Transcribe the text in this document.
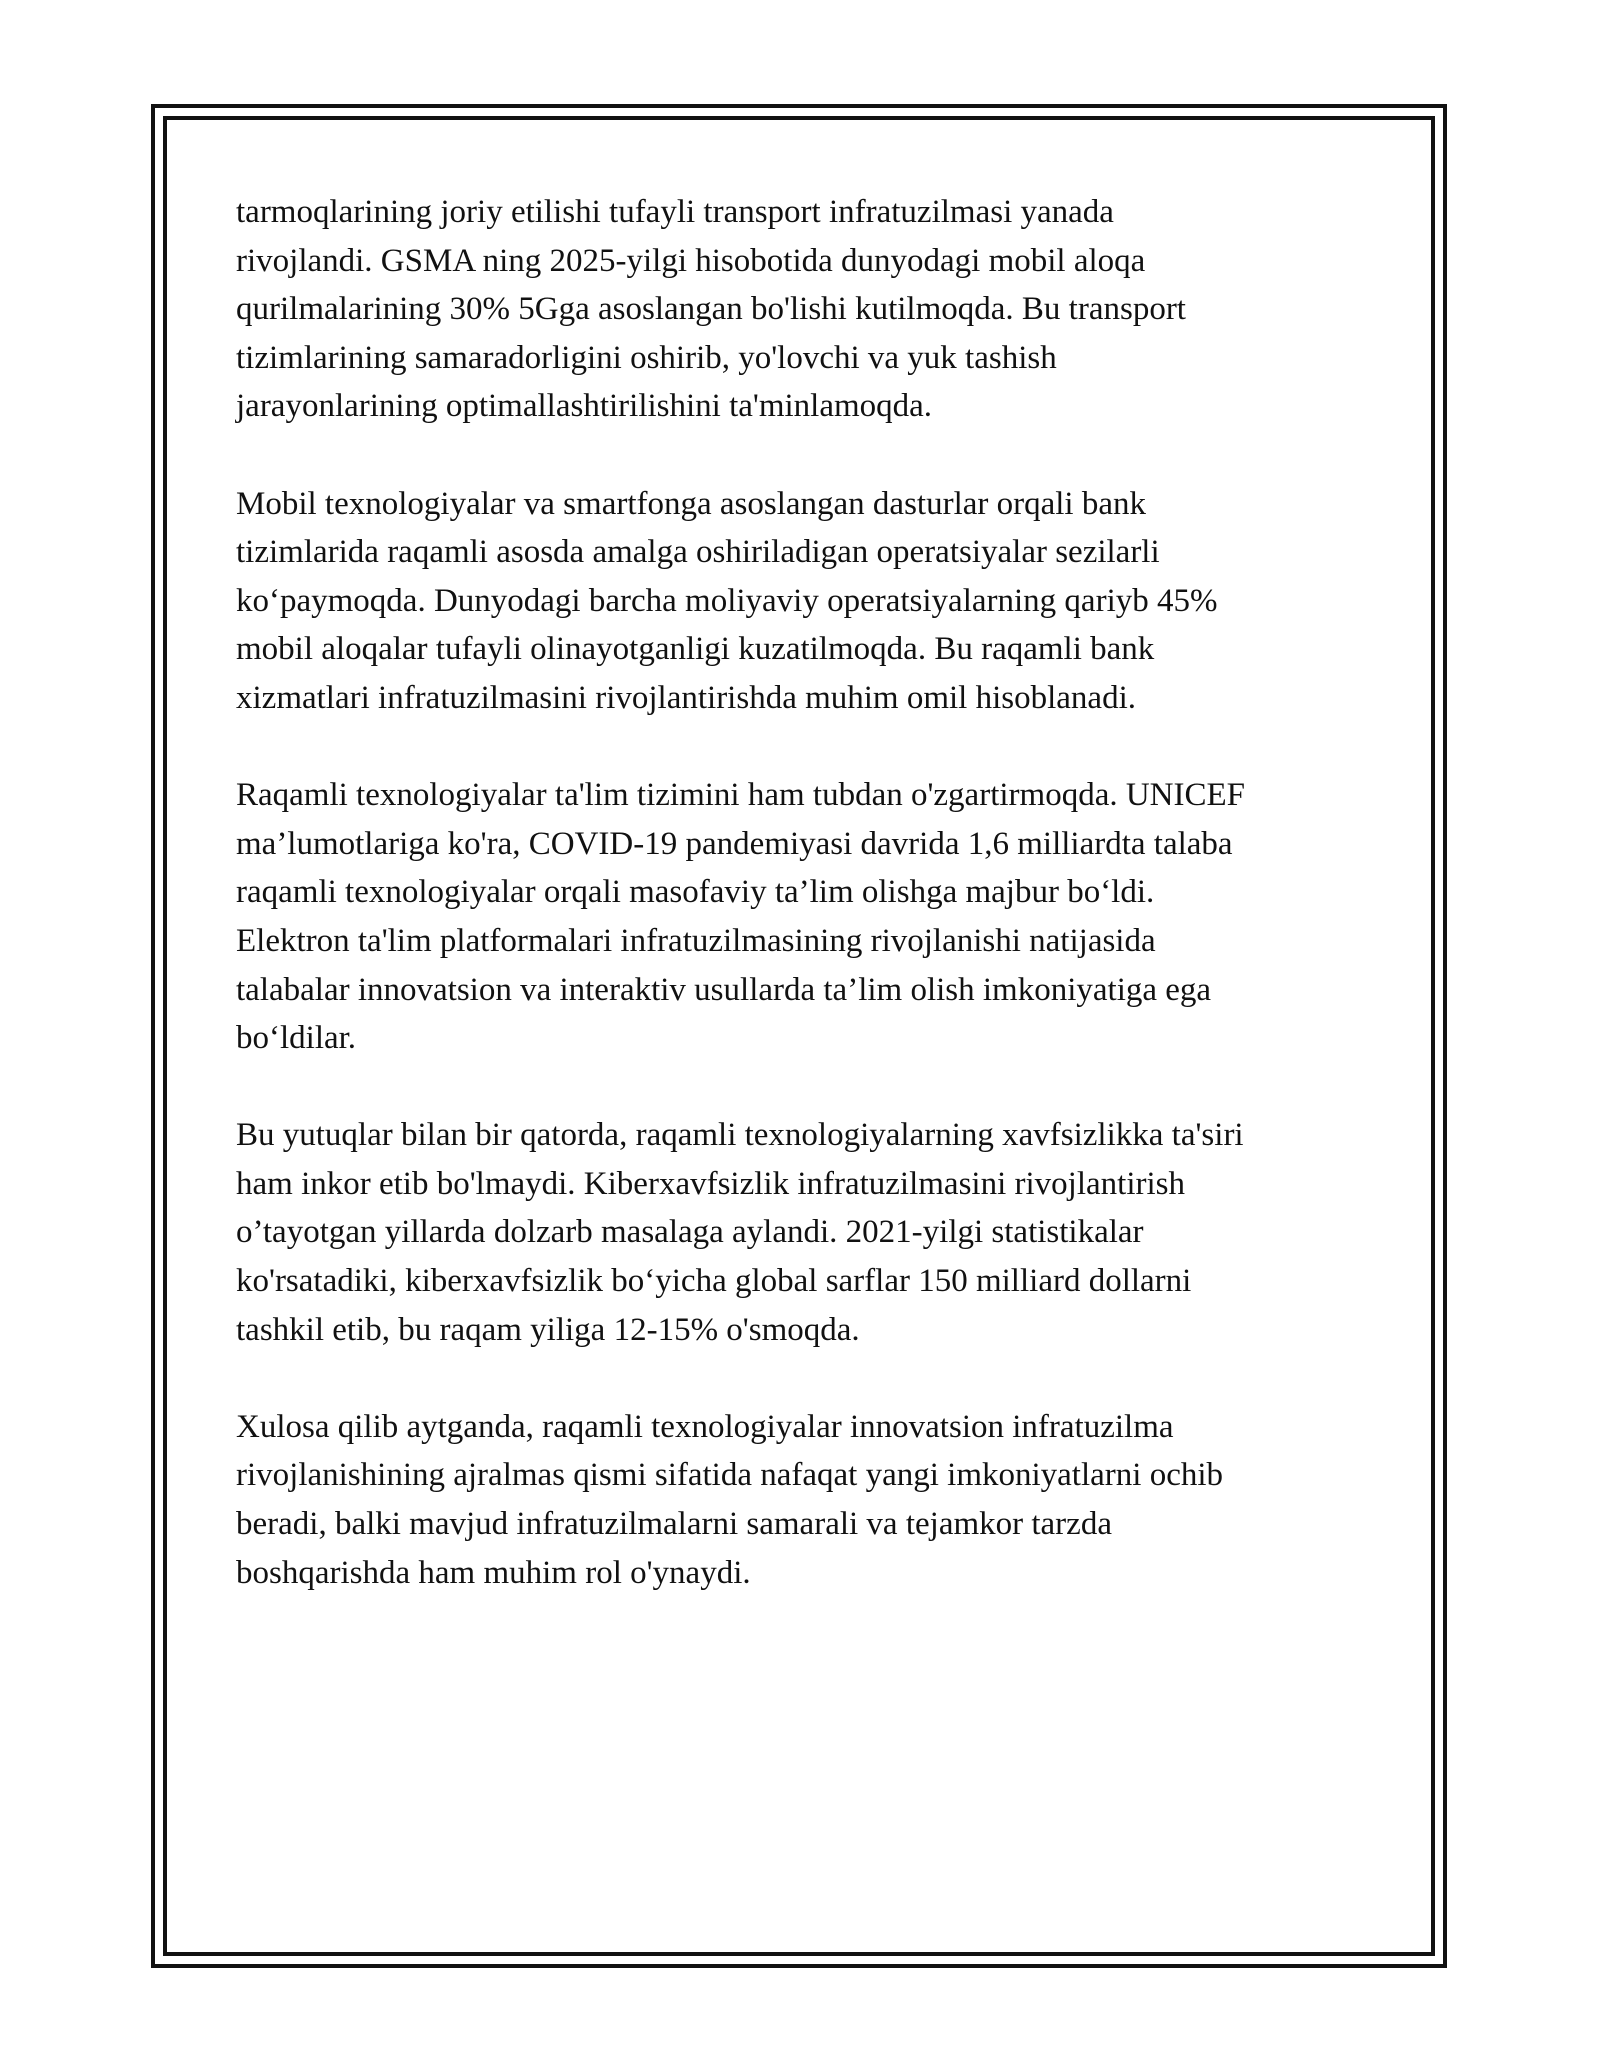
tarmoqlarining joriy etilishi tufayli transport infratuzilmasi yanada
rivojlandi. GSMA ning 2025-yilgi hisobotida dunyodagi mobil aloqa
qurilmalarining 30% 5Gga asoslangan bo'lishi kutilmoqda. Bu transport
tizimlarining samaradorligini oshirib, yo'lovchi va yuk tashish
jarayonlarining optimallashtirilishini ta'minlamoqda.

Mobil texnologiyalar va smartfonga asoslangan dasturlar orqali bank
tizimlarida raqamli asosda amalga oshiriladigan operatsiyalar sezilarli
ko‘paymoqda. Dunyodagi barcha moliyaviy operatsiyalarning qariyb 45%
mobil aloqalar tufayli olinayotganligi kuzatilmoqda. Bu raqamli bank
xizmatlari infratuzilmasini rivojlantirishda muhim omil hisoblanadi.

Raqamli texnologiyalar ta'lim tizimini ham tubdan o'zgartirmoqda. UNICEF
ma’lumotlariga ko'ra, COVID-19 pandemiyasi davrida 1,6 milliardta talaba
raqamli texnologiyalar orqali masofaviy ta’lim olishga majbur bo‘ldi.
Elektron ta'lim platformalari infratuzilmasining rivojlanishi natijasida
talabalar innovatsion va interaktiv usullarda ta’lim olish imkoniyatiga ega
bo‘ldilar.

Bu yutuqlar bilan bir qatorda, raqamli texnologiyalarning xavfsizlikka ta'siri
ham inkor etib bo'lmaydi. Kiberxavfsizlik infratuzilmasini rivojlantirish
o’tayotgan yillarda dolzarb masalaga aylandi. 2021-yilgi statistikalar
ko'rsatadiki, kiberxavfsizlik bo‘yicha global sarflar 150 milliard dollarni
tashkil etib, bu raqam yiliga 12-15% o'smoqda.

Xulosa qilib aytganda, raqamli texnologiyalar innovatsion infratuzilma
rivojlanishining ajralmas qismi sifatida nafaqat yangi imkoniyatlarni ochib
beradi, balki mavjud infratuzilmalarni samarali va tejamkor tarzda
boshqarishda ham muhim rol o'ynaydi.
